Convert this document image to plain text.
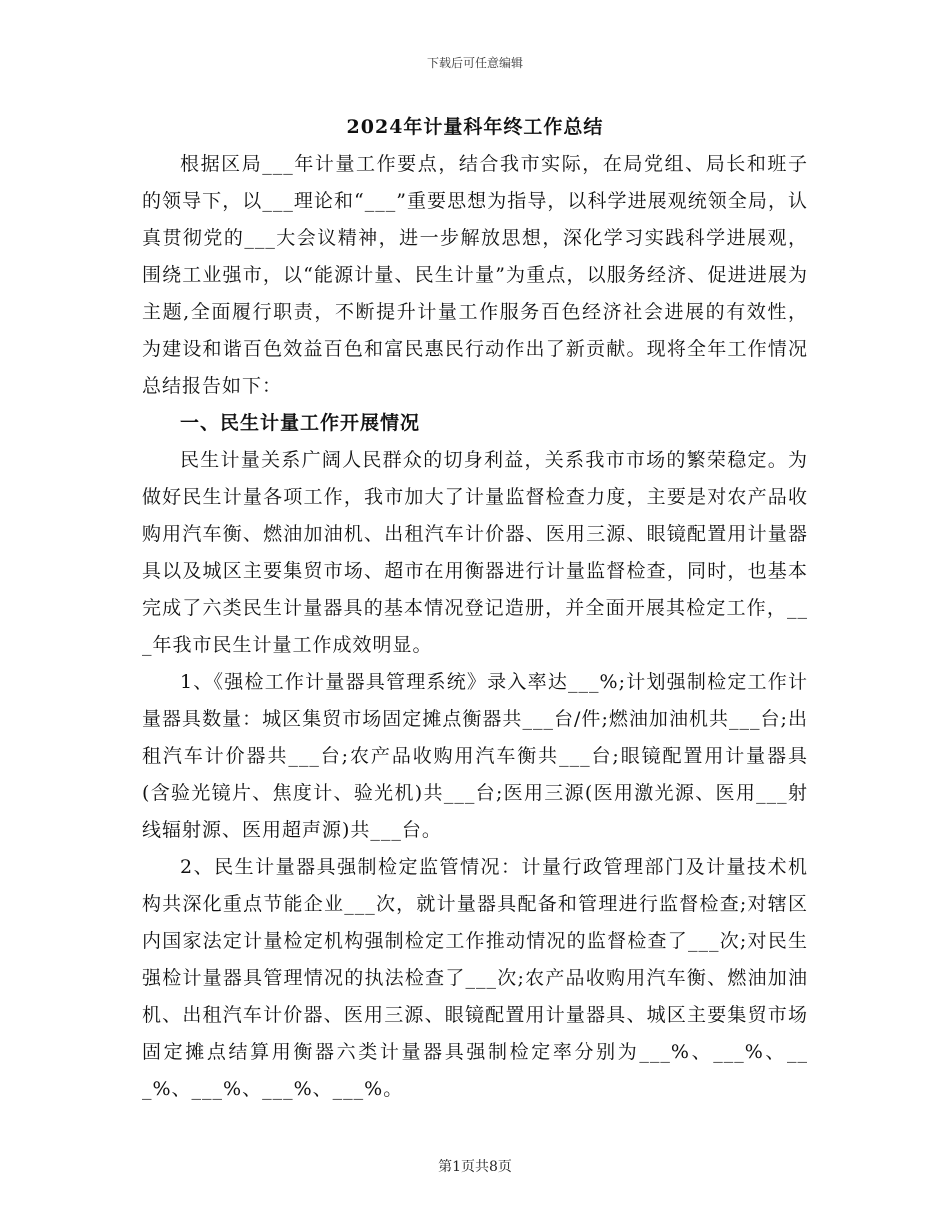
下载后可任意编辑
2024年计量科年终工作总结

根据区局___年计量工作要点，结合我市实际，在局党组、局长和班子的领导下，以___理论和“___”重要思想为指导，以科学进展观统领全局，认真贯彻党的___大会议精神，进一步解放思想，深化学习实践科学进展观，围绕工业强市，以“能源计量、民生计量”为重点，以服务经济、促进进展为主题,全面履行职责，不断提升计量工作服务百色经济社会进展的有效性，为建设和谐百色效益百色和富民惠民行动作出了新贡献。现将全年工作情况总结报告如下：

一、民生计量工作开展情况

民生计量关系广阔人民群众的切身利益，关系我市市场的繁荣稳定。为做好民生计量各项工作，我市加大了计量监督检查力度，主要是对农产品收购用汽车衡、燃油加油机、出租汽车计价器、医用三源、眼镜配置用计量器具以及城区主要集贸市场、超市在用衡器进行计量监督检查，同时，也基本完成了六类民生计量器具的基本情况登记造册，并全面开展其检定工作，___年我市民生计量工作成效明显。

1、《强检工作计量器具管理系统》录入率达___%;计划强制检定工作计量器具数量：城区集贸市场固定摊点衡器共___台/件;燃油加油机共___台;出租汽车计价器共___台;农产品收购用汽车衡共___台;眼镜配置用计量器具(含验光镜片、焦度计、验光机)共___台;医用三源(医用激光源、医用___射线辐射源、医用超声源)共___台。

2、民生计量器具强制检定监管情况：计量行政管理部门及计量技术机构共深化重点节能企业___次，就计量器具配备和管理进行监督检查;对辖区内国家法定计量检定机构强制检定工作推动情况的监督检查了___次;对民生强检计量器具管理情况的执法检查了___次;农产品收购用汽车衡、燃油加油机、出租汽车计价器、医用三源、眼镜配置用计量器具、城区主要集贸市场固定摊点结算用衡器六类计量器具强制检定率分别为___%、___%、___%、___%、___%、___%。

第1页共8页
